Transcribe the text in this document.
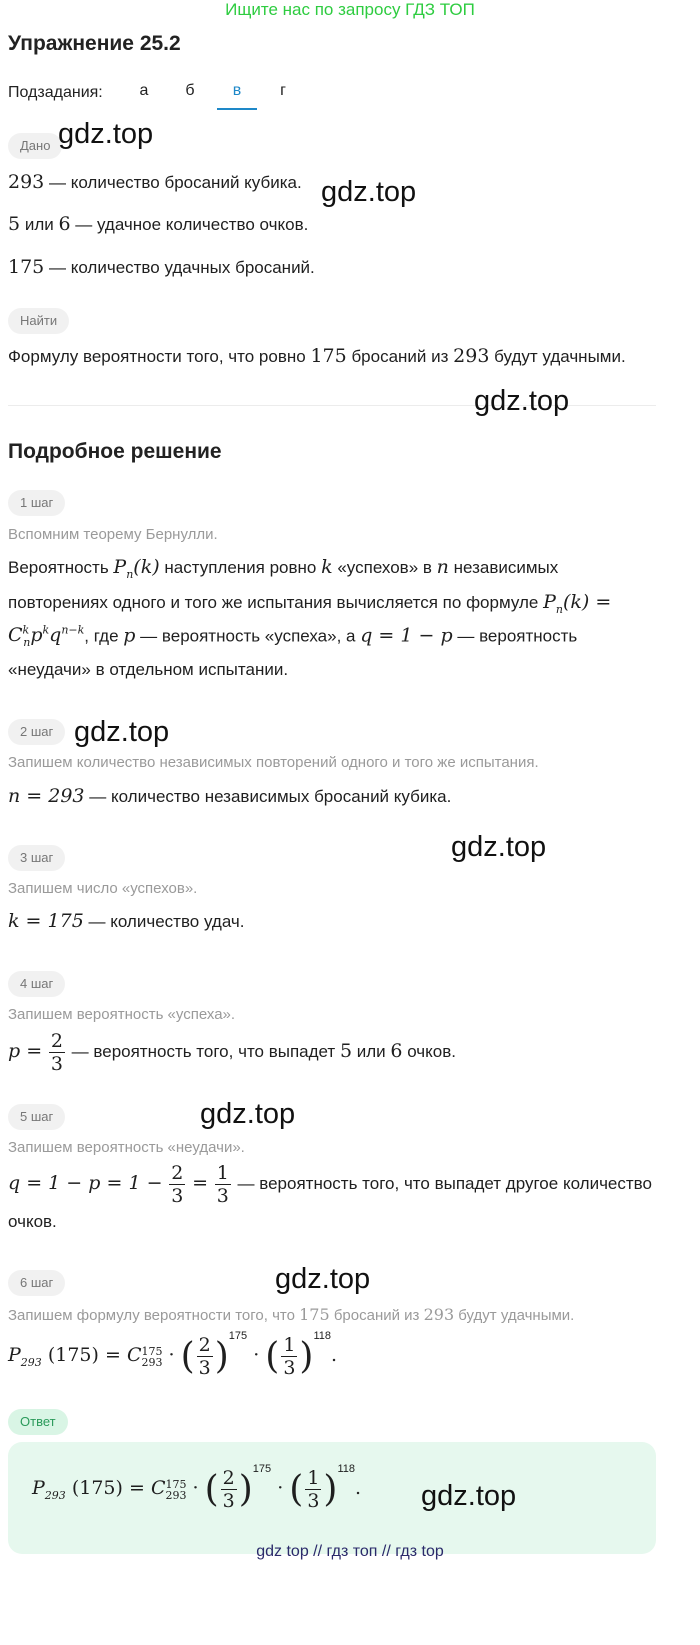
Ищите нас по запросу ГДЗ ТОП
Упражнение 25.2
Подзадания:	а	б	в	г
Дано gdz.top
293 — количество бросаний кубика. gdz.top
5 или 6 — удачное количество очков.
175 — количество удачных бросаний.
Найти
Формулу вероятности того, что ровно 175 бросаний из 293 будут удачными.
gdz.top
Подробное решение
1 шаг
Вспомним теорему Бернулли.
Вероятность $P_n(k)$ наступления ровно k «успехов» в n независимых
повторениях одного и того же испытания вычисляется по формуле $P_n(k)$ =
$C^k_np^kq^{n-k}$, где p — вероятность «успеха», а q = 1 − p — вероятность
«неудачи» в отдельном испытании.
2 шаг gdz.top
Запишем количество независимых повторений одного и того же испытания.
n = 293 — количество независимых бросаний кубика.
3 шаг	gdz.top
Запишем число «успехов».
k = 175 — количество удач.
4 шаг
Запишем вероятность «успеха».
$p = \frac{2}{3}$ — вероятность того, что выпадет 5 или 6 очков.
5 шаг	gdz.top
Запишем вероятность «неудачи».
$q = 1 - p = 1 - \frac{2}{3} = \frac{1}{3}$ — вероятность того, что выпадет другое количество
очков.
6 шаг	gdz.top
Запишем формулу вероятности того, что 175 бросаний из 293 будут удачными.
$P_{293}$ (175) = C 175
293 · ( $\frac{2}{3} )^{175}$ · ( $\frac{1}{3} )^{118}$.
Ответ
$P_{293}$ (175) = C 175
293 · ( $\frac{2}{3} )^{175}$ · ( $\frac{1}{3} )^{118}$. gdz.top
gdz top // гдз топ // гдз top
